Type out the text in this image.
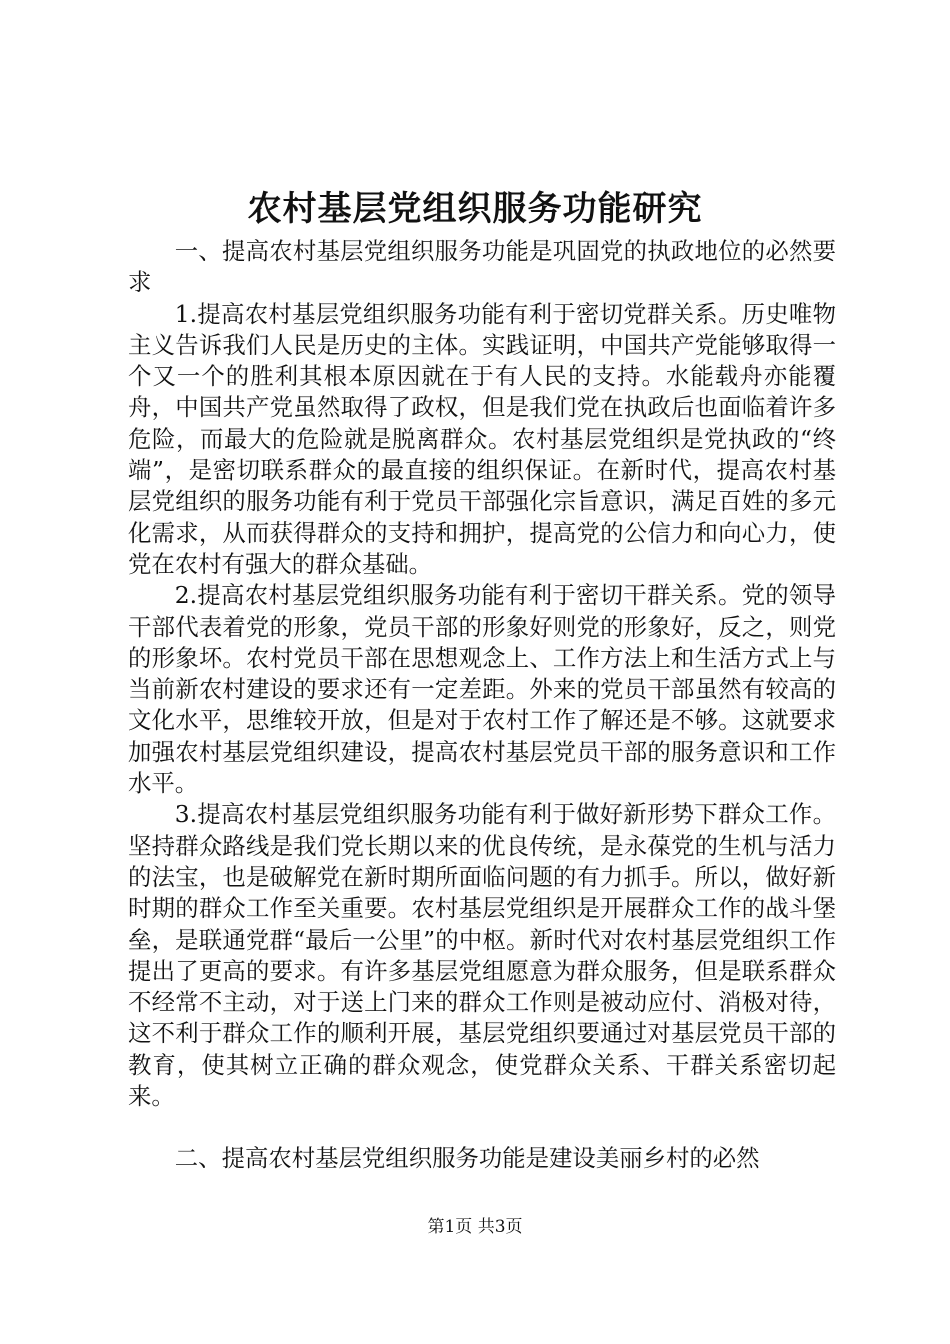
农村基层党组织服务功能研究

一、提高农村基层党组织服务功能是巩固党的执政地位的必然要求

1.提高农村基层党组织服务功能有利于密切党群关系。历史唯物主义告诉我们人民是历史的主体。实践证明，中国共产党能够取得一个又一个的胜利其根本原因就在于有人民的支持。水能载舟亦能覆舟，中国共产党虽然取得了政权，但是我们党在执政后也面临着许多危险，而最大的危险就是脱离群众。农村基层党组织是党执政的“终端”，是密切联系群众的最直接的组织保证。在新时代，提高农村基层党组织的服务功能有利于党员干部强化宗旨意识，满足百姓的多元化需求，从而获得群众的支持和拥护，提高党的公信力和向心力，使党在农村有强大的群众基础。

2.提高农村基层党组织服务功能有利于密切干群关系。党的领导干部代表着党的形象，党员干部的形象好则党的形象好，反之，则党的形象坏。农村党员干部在思想观念上、工作方法上和生活方式上与当前新农村建设的要求还有一定差距。外来的党员干部虽然有较高的文化水平，思维较开放，但是对于农村工作了解还是不够。这就要求加强农村基层党组织建设，提高农村基层党员干部的服务意识和工作水平。

3.提高农村基层党组织服务功能有利于做好新形势下群众工作。坚持群众路线是我们党长期以来的优良传统，是永葆党的生机与活力的法宝，也是破解党在新时期所面临问题的有力抓手。所以，做好新时期的群众工作至关重要。农村基层党组织是开展群众工作的战斗堡垒，是联通党群“最后一公里”的中枢。新时代对农村基层党组织工作提出了更高的要求。有许多基层党组愿意为群众服务，但是联系群众不经常不主动，对于送上门来的群众工作则是被动应付、消极对待，这不利于群众工作的顺利开展，基层党组织要通过对基层党员干部的教育，使其树立正确的群众观念，使党群众关系、干群关系密切起来。

二、提高农村基层党组织服务功能是建设美丽乡村的必然

第1页 共3页
